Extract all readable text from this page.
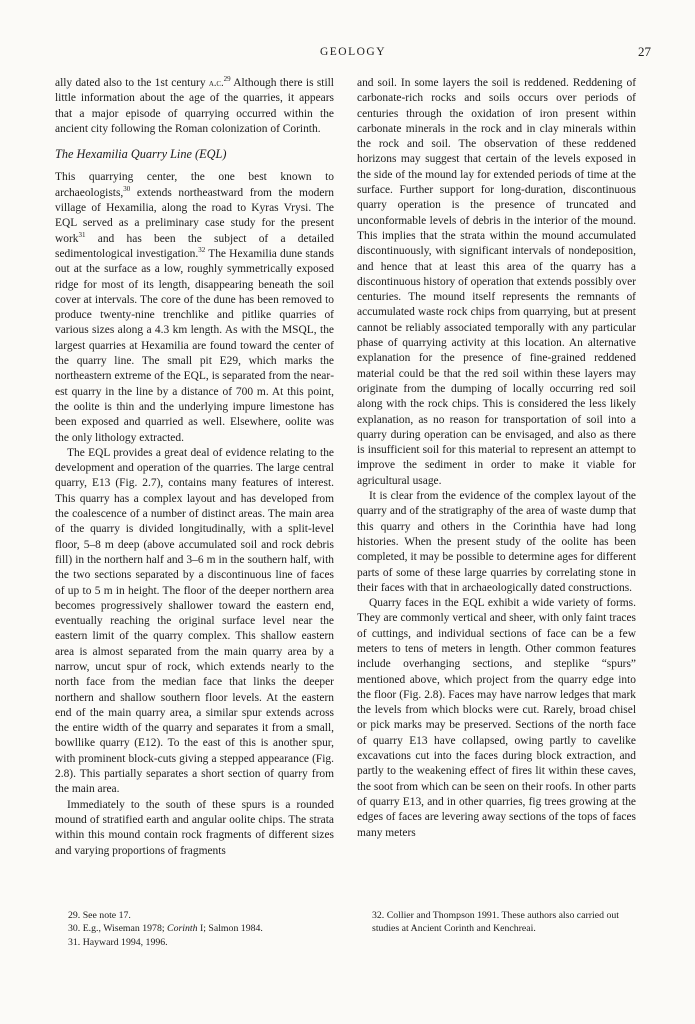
GEOLOGY	27

ally dated also to the 1st century a.c.$^{29}$ Although there is still little information about the age of the quarries, it appears that a major episode of quarrying occurred within the ancient city following the Roman colonization of Corinth.

The Hexamilia Quarry Line (EQL)

This quarrying center, the one best known to archaeologists,$^{30}$ extends northeastward from the modern village of Hexamilia, along the road to Kyras Vrysi. The EQL served as a preliminary case study for the present work$^{31}$ and has been the subject of a detailed sedimentological investigation.$^{32}$ The Hexamilia dune stands out at the surface as a low, roughly symmetrically exposed ridge for most of its length, disappearing beneath the soil cover at intervals. The core of the dune has been removed to produce twenty-nine trenchlike and pitlike quarries of various sizes along a 4.3 km length. As with the MSQL, the largest quarries at Hexamilia are found toward the center of the quarry line. The small pit E29, which marks the northeastern extreme of the EQL, is separated from the nearest quarry in the line by a distance of 700 m. At this point, the oolite is thin and the underlying impure limestone has been exposed and quarried as well. Elsewhere, oolite was the only lithology extracted.

The EQL provides a great deal of evidence relating to the development and operation of the quarries. The large central quarry, E13 (Fig. 2.7), contains many features of interest. This quarry has a complex layout and has developed from the coalescence of a number of distinct areas. The main area of the quarry is divided longitudinally, with a split-level floor, 5–8 m deep (above accumulated soil and rock debris fill) in the northern half and 3–6 m in the southern half, with the two sections separated by a discontinuous line of faces of up to 5 m in height. The floor of the deeper northern area becomes progressively shallower toward the eastern end, eventually reaching the original surface level near the eastern limit of the quarry complex. This shallow eastern area is almost separated from the main quarry area by a narrow, uncut spur of rock, which extends nearly to the north face from the median face that links the deeper northern and shallow southern floor levels. At the eastern end of the main quarry area, a similar spur extends across the entire width of the quarry and separates it from a small, bowllike quarry (E12). To the east of this is another spur, with prominent block-cuts giving a stepped appearance (Fig. 2.8). This partially separates a short section of quarry from the main area.

Immediately to the south of these spurs is a rounded mound of stratified earth and angular oolite chips. The strata within this mound contain rock fragments of different sizes and varying proportions of fragments

and soil. In some layers the soil is reddened. Reddening of carbonate-rich rocks and soils occurs over periods of centuries through the oxidation of iron present within carbonate minerals in the rock and in clay minerals within the rock and soil. The observation of these reddened horizons may suggest that certain of the levels exposed in the side of the mound lay for extended periods of time at the surface. Further support for long-duration, discontinuous quarry operation is the presence of truncated and unconformable levels of debris in the interior of the mound. This implies that the strata within the mound accumulated discontinuously, with significant intervals of nondeposition, and hence that at least this area of the quarry has a discontinuous history of operation that extends possibly over centuries. The mound itself represents the remnants of accumulated waste rock chips from quarrying, but at present cannot be reliably associated temporally with any particular phase of quarrying activity at this location. An alternative explanation for the presence of fine-grained reddened material could be that the red soil within these layers may originate from the dumping of locally occurring red soil along with the rock chips. This is considered the less likely explanation, as no reason for transportation of soil into a quarry during operation can be envisaged, and also as there is insufficient soil for this material to represent an attempt to improve the sediment in order to make it viable for agricultural usage.

It is clear from the evidence of the complex layout of the quarry and of the stratigraphy of the area of waste dump that this quarry and others in the Corinthia have had long histories. When the present study of the oolite has been completed, it may be possible to determine ages for different parts of some of these large quarries by correlating stone in their faces with that in archaeologically dated constructions.

Quarry faces in the EQL exhibit a wide variety of forms. They are commonly vertical and sheer, with only faint traces of cuttings, and individual sections of face can be a few meters to tens of meters in length. Other common features include overhanging sections, and steplike “spurs” mentioned above, which project from the quarry edge into the floor (Fig. 2.8). Faces may have narrow ledges that mark the levels from which blocks were cut. Rarely, broad chisel or pick marks may be preserved. Sections of the north face of quarry E13 have collapsed, owing partly to cavelike excavations cut into the faces during block extraction, and partly to the weakening effect of fires lit within these caves, the soot from which can be seen on their roofs. In other parts of quarry E13, and in other quarries, fig trees growing at the edges of faces are levering away sections of the tops of faces many meters

29. See note 17.

30. E.g., Wiseman 1978; Corinth I; Salmon 1984.

31. Hayward 1994, 1996.

32. Collier and Thompson 1991. These authors also carried out studies at Ancient Corinth and Kenchreai.
